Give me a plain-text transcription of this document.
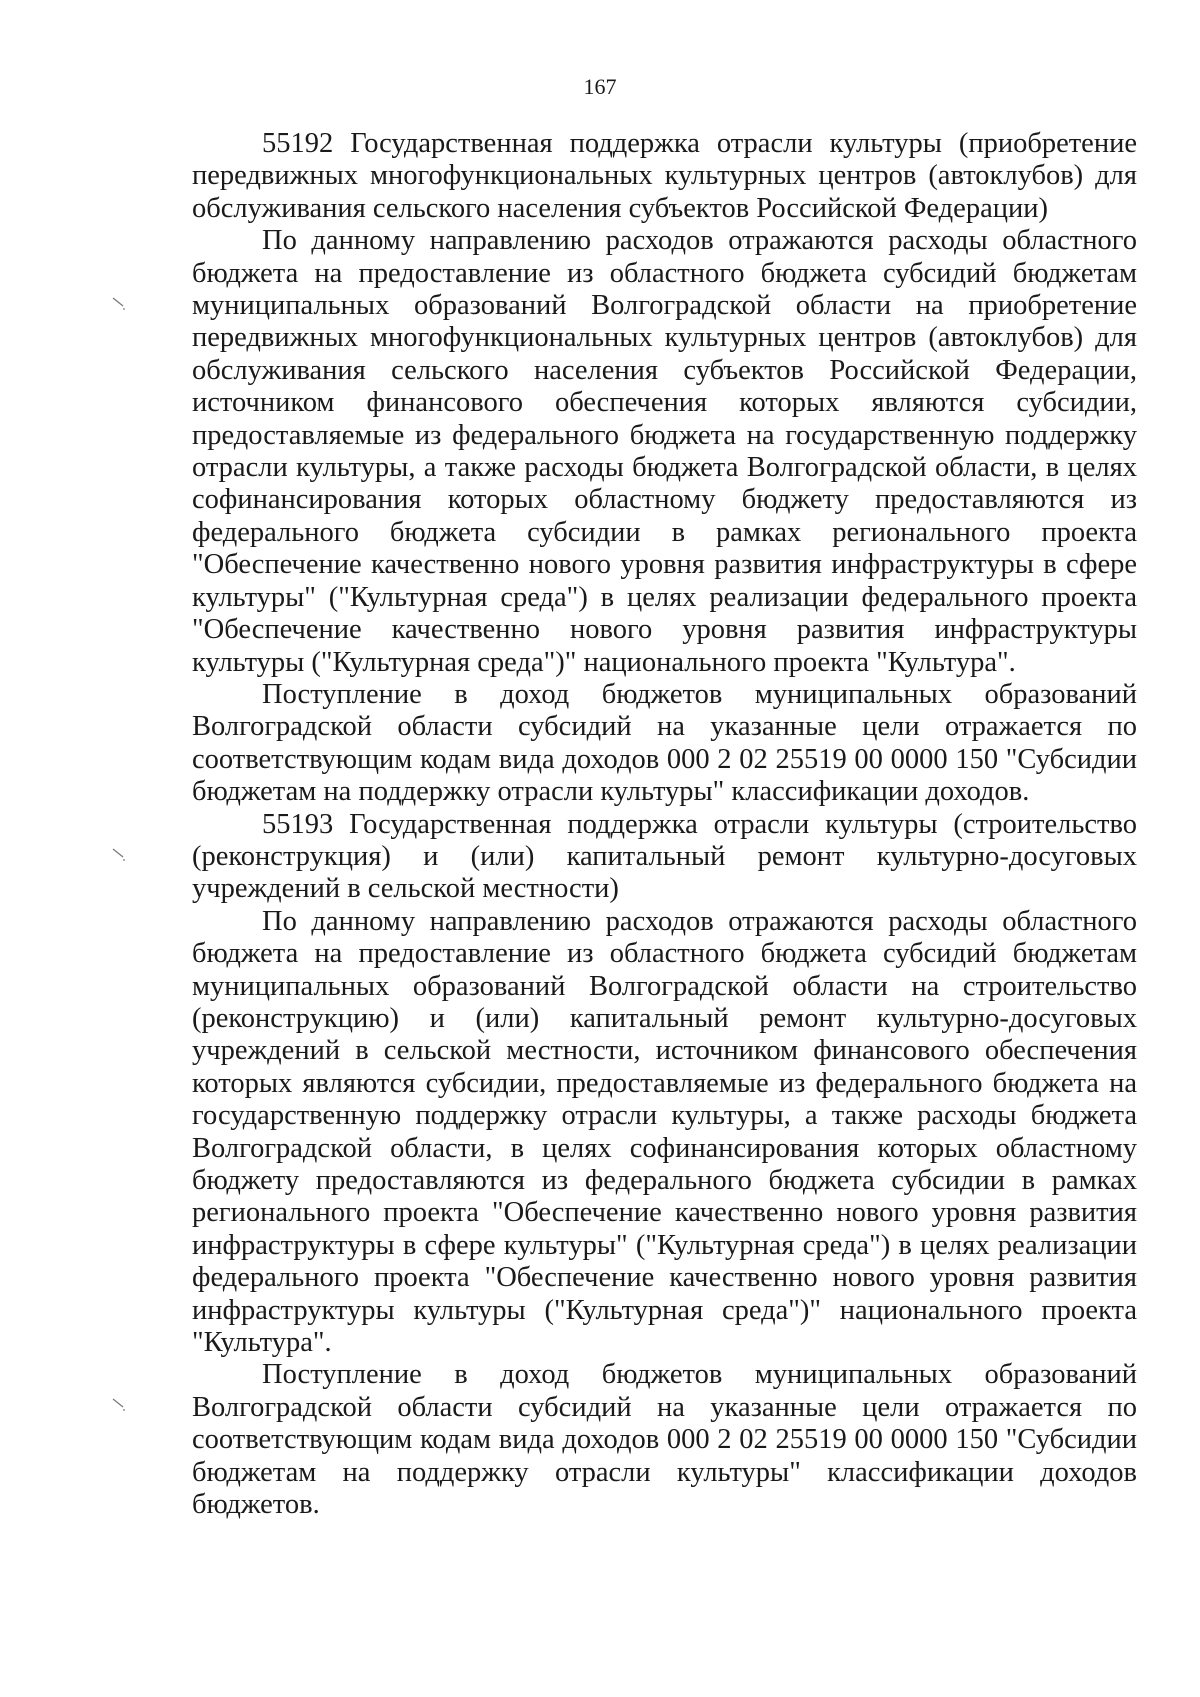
167

55192 Государственная поддержка отрасли культуры (приобретение передвижных многофункциональных культурных центров (автоклубов) для обслуживания сельского населения субъектов Российской Федерации)

По данному направлению расходов отражаются расходы областного бюджета на предоставление из областного бюджета субсидий бюджетам муниципальных образований Волгоградской области на приобретение передвижных многофункциональных культурных центров (автоклубов) для обслуживания сельского населения субъектов Российской Федерации, источником финансового обеспечения которых являются субсидии, предоставляемые из федерального бюджета на государственную поддержку отрасли культуры, а также расходы бюджета Волгоградской области, в целях софинансирования которых областному бюджету предоставляются из федерального бюджета субсидии в рамках регионального проекта "Обеспечение качественно нового уровня развития инфраструктуры в сфере культуры" ("Культурная среда") в целях реализации федерального проекта "Обеспечение качественно нового уровня развития инфраструктуры культуры ("Культурная среда")" национального проекта "Культура".

Поступление в доход бюджетов муниципальных образований Волгоградской области субсидий на указанные цели отражается по соответствующим кодам вида доходов 000 2 02 25519 00 0000 150 "Субсидии бюджетам на поддержку отрасли культуры" классификации доходов.

55193 Государственная поддержка отрасли культуры (строительство (реконструкция) и (или) капитальный ремонт культурно-досуговых учреждений в сельской местности)

По данному направлению расходов отражаются расходы областного бюджета на предоставление из областного бюджета субсидий бюджетам муниципальных образований Волгоградской области на строительство (реконструкцию) и (или) капитальный ремонт культурно-досуговых учреждений в сельской местности, источником финансового обеспечения которых являются субсидии, предоставляемые из федерального бюджета на государственную поддержку отрасли культуры, а также расходы бюджета Волгоградской области, в целях софинансирования которых областному бюджету предоставляются из федерального бюджета субсидии в рамках регионального проекта "Обеспечение качественно нового уровня развития инфраструктуры в сфере культуры" ("Культурная среда") в целях реализации федерального проекта "Обеспечение качественно нового уровня развития инфраструктуры культуры ("Культурная среда")" национального проекта "Культура".

Поступление в доход бюджетов муниципальных образований Волгоградской области субсидий на указанные цели отражается по соответствующим кодам вида доходов 000 2 02 25519 00 0000 150 "Субсидии бюджетам на поддержку отрасли культуры" классификации доходов бюджетов.
